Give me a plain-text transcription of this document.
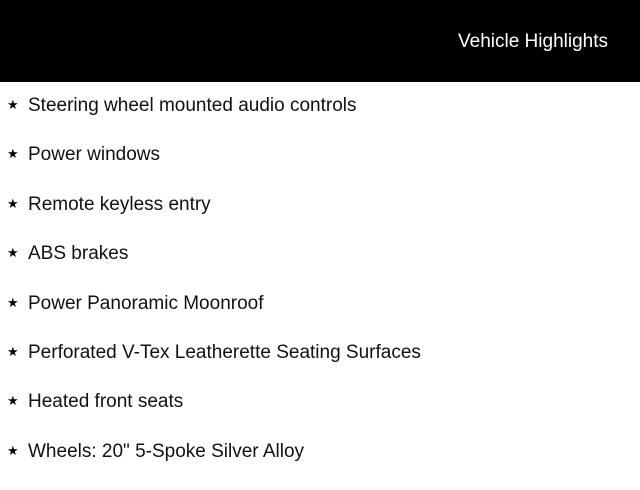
Vehicle Highlights
★ Steering wheel mounted audio controls
★ Power windows
★ Remote keyless entry
★ ABS brakes
★ Power Panoramic Moonroof
★ Perforated V-Tex Leatherette Seating Surfaces
★ Heated front seats
★ Wheels: 20" 5-Spoke Silver Alloy
